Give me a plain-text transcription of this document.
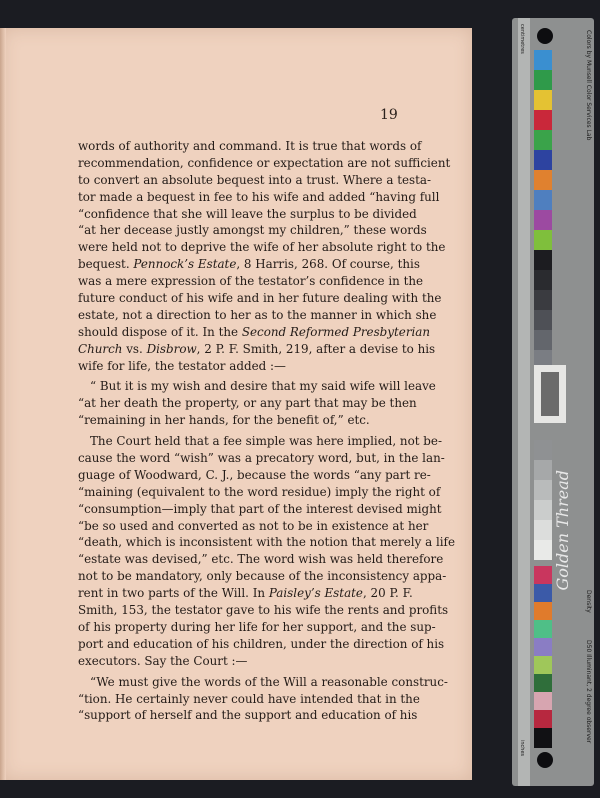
19
words of authority and command. It is true that words of
recommendation, confidence or expectation are not sufficient
to convert an absolute bequest into a trust. Where a testa-
tor made a bequest in fee to his wife and added “having full
“confidence that she will leave the surplus to be divided
“at her decease justly amongst my children,” these words
were held not to deprive the wife of her absolute right to the
bequest. Pennock’s Estate, 8 Harris, 268. Of course, this
was a mere expression of the testator’s confidence in the
future conduct of his wife and in her future dealing with the
estate, not a direction to her as to the manner in which she
should dispose of it. In the Second Reformed Presbyterian
Church vs. Disbrow, 2 P. F. Smith, 219, after a devise to his
wife for life, the testator added :—
“ But it is my wish and desire that my said wife will leave
“at her death the property, or any part that may be then
“remaining in her hands, for the benefit of,” etc.
The Court held that a fee simple was here implied, not be-
cause the word “wish” was a precatory word, but, in the lan-
guage of Woodward, C. J., because the words “any part re-
“maining (equivalent to the word residue) imply the right of
“consumption—imply that part of the interest devised might
“be so used and converted as not to be in existence at her
“death, which is inconsistent with the notion that merely a life
“estate was devised,” etc. The word wish was held therefore
not to be mandatory, only because of the inconsistency appa-
rent in two parts of the Will. In Paisley’s Estate, 20 P. F.
Smith, 153, the testator gave to his wife the rents and profits
of his property during her life for her support, and the sup-
port and education of his children, under the direction of his
executors. Say the Court :—
“We must give the words of the Will a reasonable construc-
“tion. He certainly never could have intended that in the
“support of herself and the support and education of his
Golden Thread
Colors by Munsell Color Services Lab
D50 Illuminant, 2 degree observer
Density
inches
centimetres
